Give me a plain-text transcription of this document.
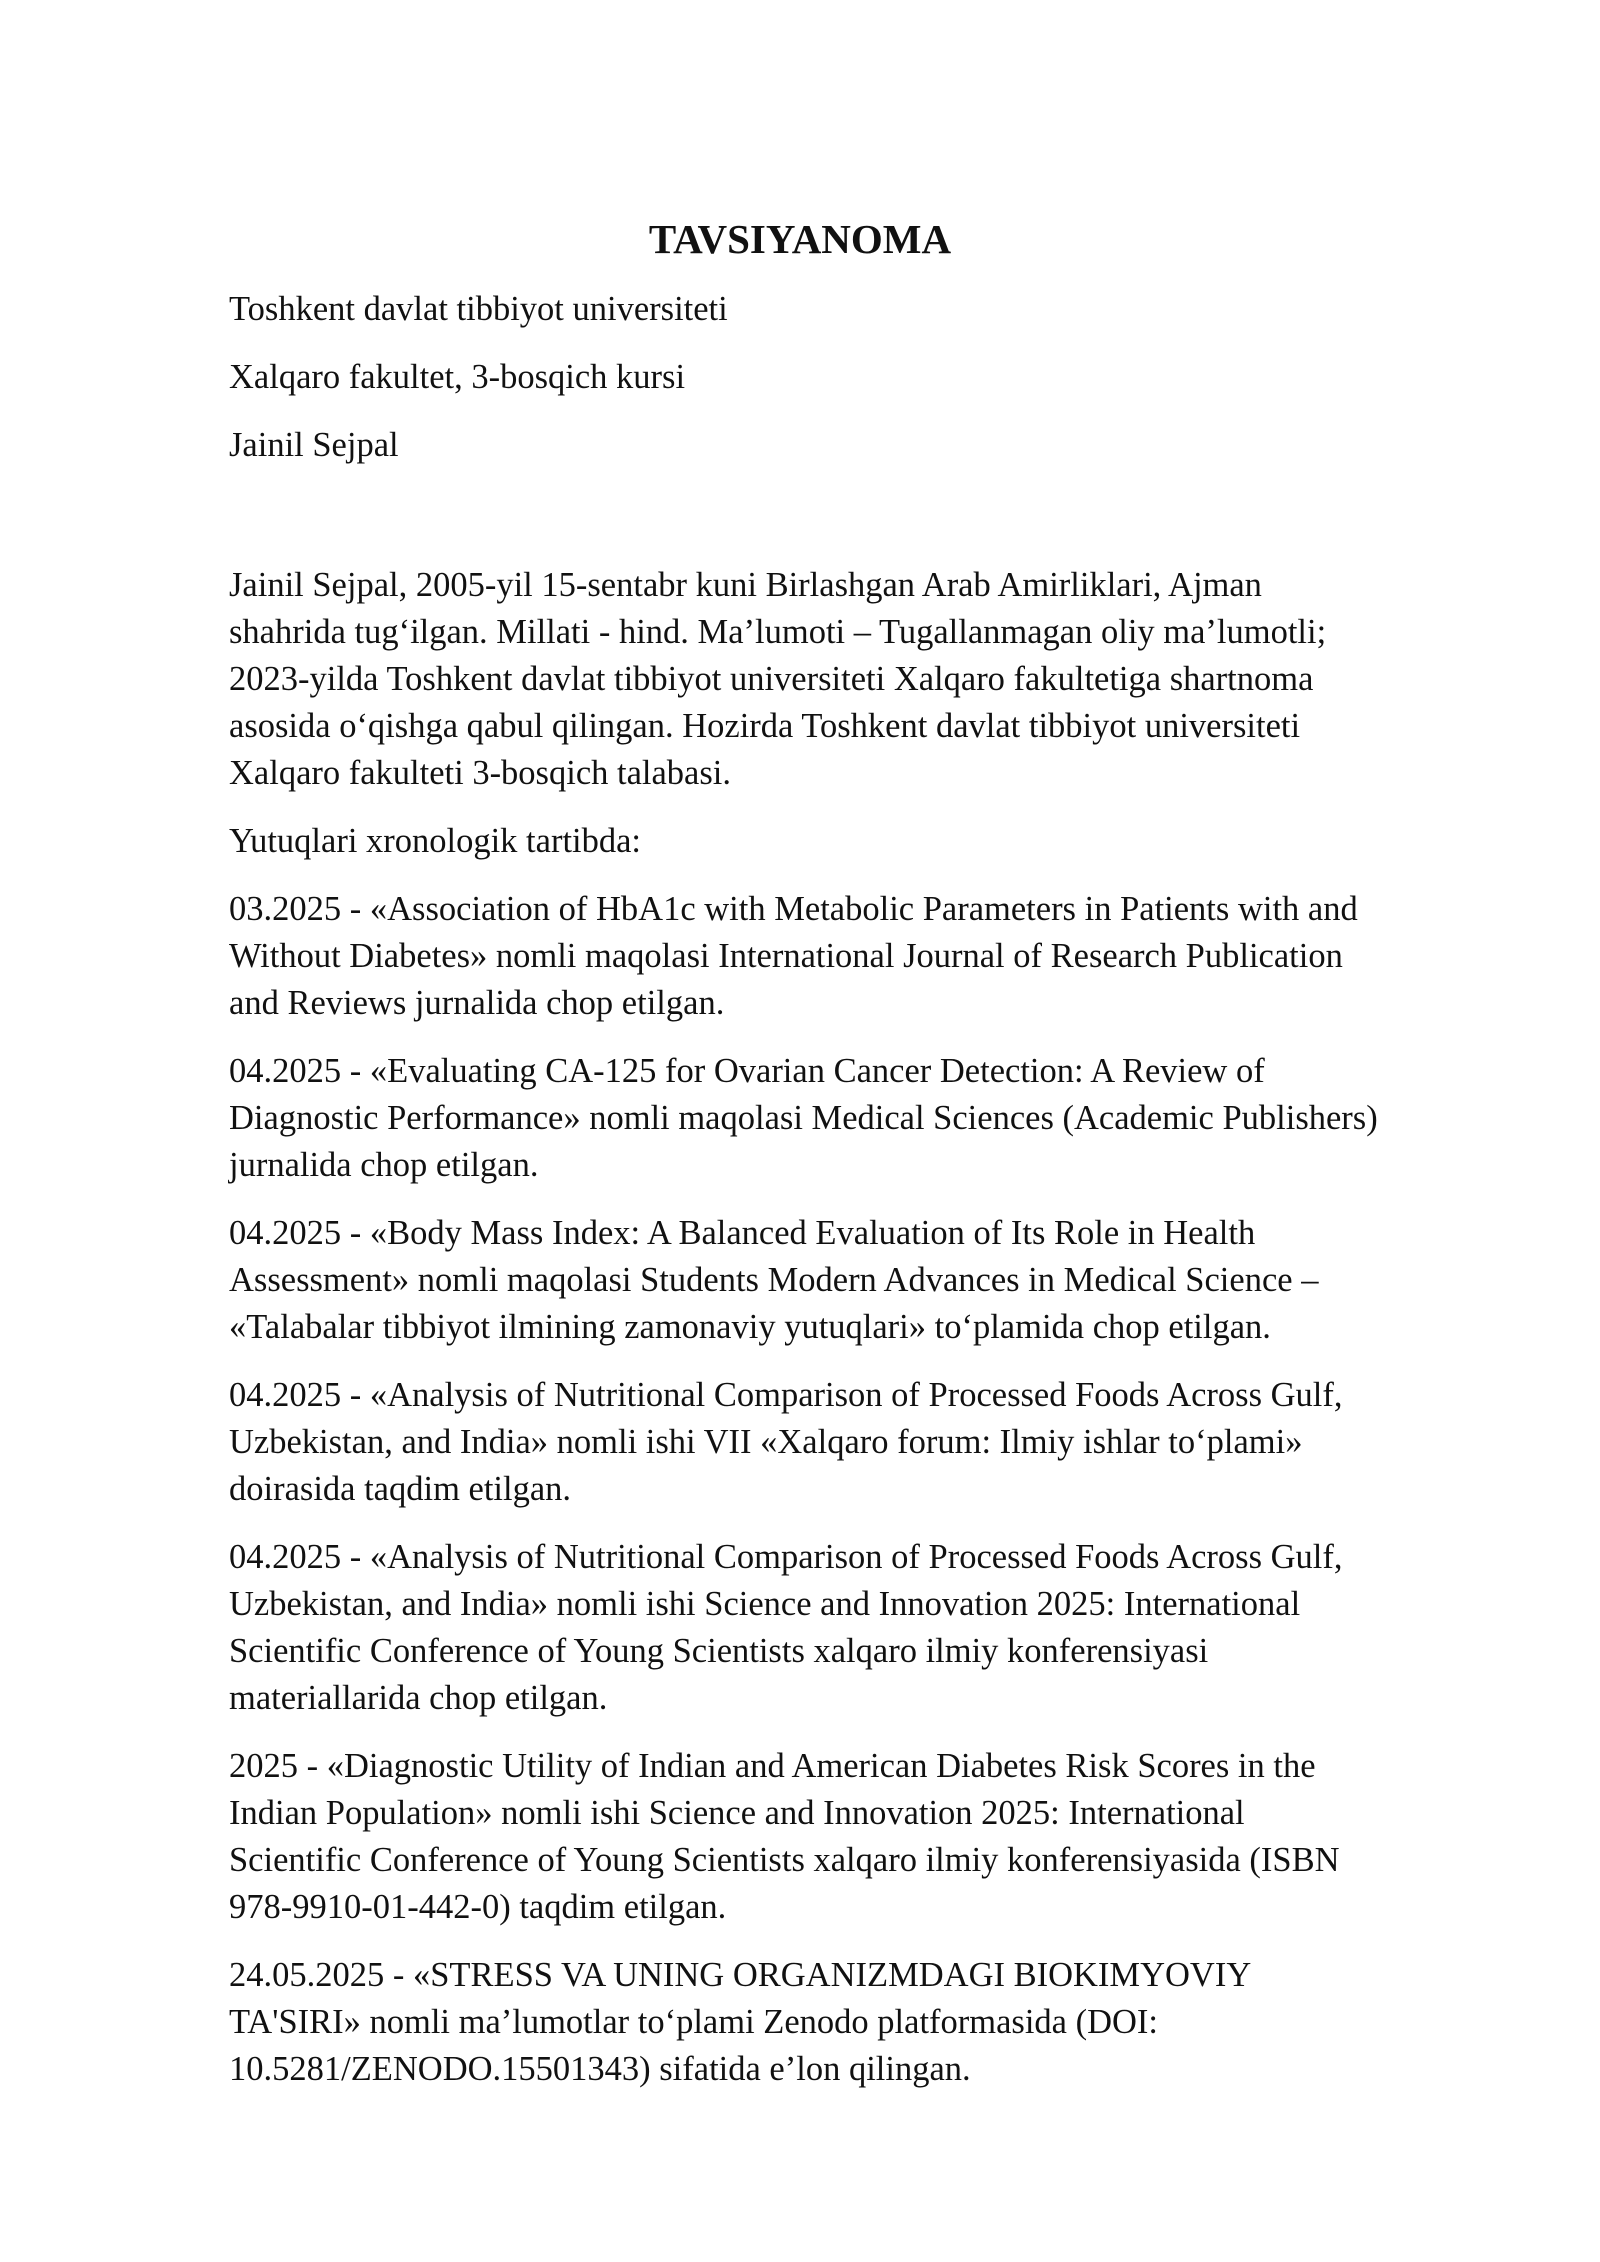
TAVSIYANOMA

Toshkent davlat tibbiyot universiteti

Xalqaro fakultet, 3-bosqich kursi

Jainil Sejpal

Jainil Sejpal, 2005-yil 15-sentabr kuni Birlashgan Arab Amirliklari, Ajman
shahrida tug‘ilgan. Millati - hind. Ma’lumoti – Tugallanmagan oliy ma’lumotli;
2023-yilda Toshkent davlat tibbiyot universiteti Xalqaro fakultetiga shartnoma
asosida o‘qishga qabul qilingan. Hozirda Toshkent davlat tibbiyot universiteti
Xalqaro fakulteti 3-bosqich talabasi.

Yutuqlari xronologik tartibda:

03.2025 - «Association of HbA1c with Metabolic Parameters in Patients with and
Without Diabetes» nomli maqolasi International Journal of Research Publication
and Reviews jurnalida chop etilgan.

04.2025 - «Evaluating CA-125 for Ovarian Cancer Detection: A Review of
Diagnostic Performance» nomli maqolasi Medical Sciences (Academic Publishers)
jurnalida chop etilgan.

04.2025 - «Body Mass Index: A Balanced Evaluation of Its Role in Health
Assessment» nomli maqolasi Students Modern Advances in Medical Science –
«Talabalar tibbiyot ilmining zamonaviy yutuqlari» to‘plamida chop etilgan.

04.2025 - «Analysis of Nutritional Comparison of Processed Foods Across Gulf,
Uzbekistan, and India» nomli ishi VII «Xalqaro forum: Ilmiy ishlar to‘plami»
doirasida taqdim etilgan.

04.2025 - «Analysis of Nutritional Comparison of Processed Foods Across Gulf,
Uzbekistan, and India» nomli ishi Science and Innovation 2025: International
Scientific Conference of Young Scientists xalqaro ilmiy konferensiyasi
materiallarida chop etilgan.

2025 - «Diagnostic Utility of Indian and American Diabetes Risk Scores in the
Indian Population» nomli ishi Science and Innovation 2025: International
Scientific Conference of Young Scientists xalqaro ilmiy konferensiyasida (ISBN
978-9910-01-442-0) taqdim etilgan.

24.05.2025 - «STRESS VA UNING ORGANIZMDAGI BIOKIMYOVIY
TA'SIRI» nomli ma’lumotlar to‘plami Zenodo platformasida (DOI:
10.5281/ZENODO.15501343) sifatida e’lon qilingan.
